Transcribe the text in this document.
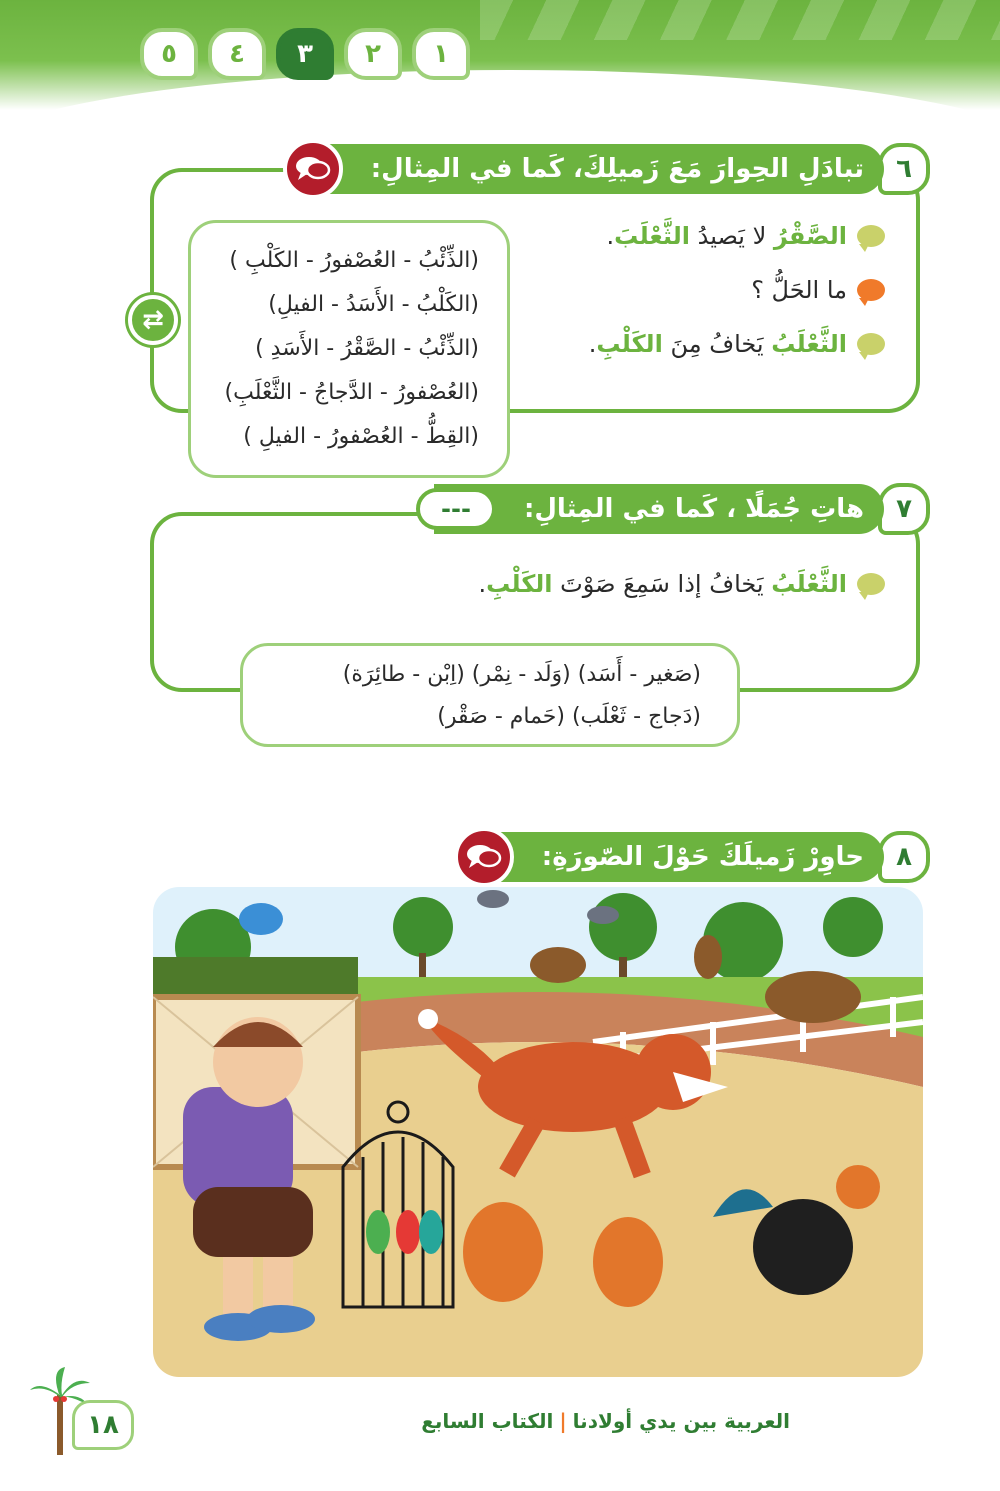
٥	٤	٣	٢	١
٦
تبادَلِ الحِوارَ مَعَ زَميلِكَ، كَما في المِثالِ:
⇄
الصَّقْرُ لا يَصيدُ الثَّعْلَبَ.
ما الحَلُّ ؟
الثَّعْلَبُ يَخافُ مِنَ الكَلْبِ.
(الذِّئْبُ - العُصْفورُ - الكَلْبِ )
(الكَلْبُ - الأَسَدُ - الفيلِ)
(الذِّئْبُ - الصَّقْرُ - الأَسَدِ )
(العُصْفورُ - الدَّجاجُ - الثَّعْلَبِ)
(القِطُّ - العُصْفورُ - الفيلِ )
٧
هاتِ جُمَلًا ، كَما في المِثالِ:
---
الثَّعْلَبُ يَخافُ إذا سَمِعَ صَوْتَ الكَلْبِ.
(صَغير - أَسَد) (وَلَد - نِمْر) (اِبْن - طائِرَة)
(دَجاج - ثَعْلَب) (حَمام - صَقْر)
٨
حاوِرْ زَميلَكَ حَوْلَ الصّورَةِ:
١٨	العربية بين يدي أولادنا|الكتاب السابع
